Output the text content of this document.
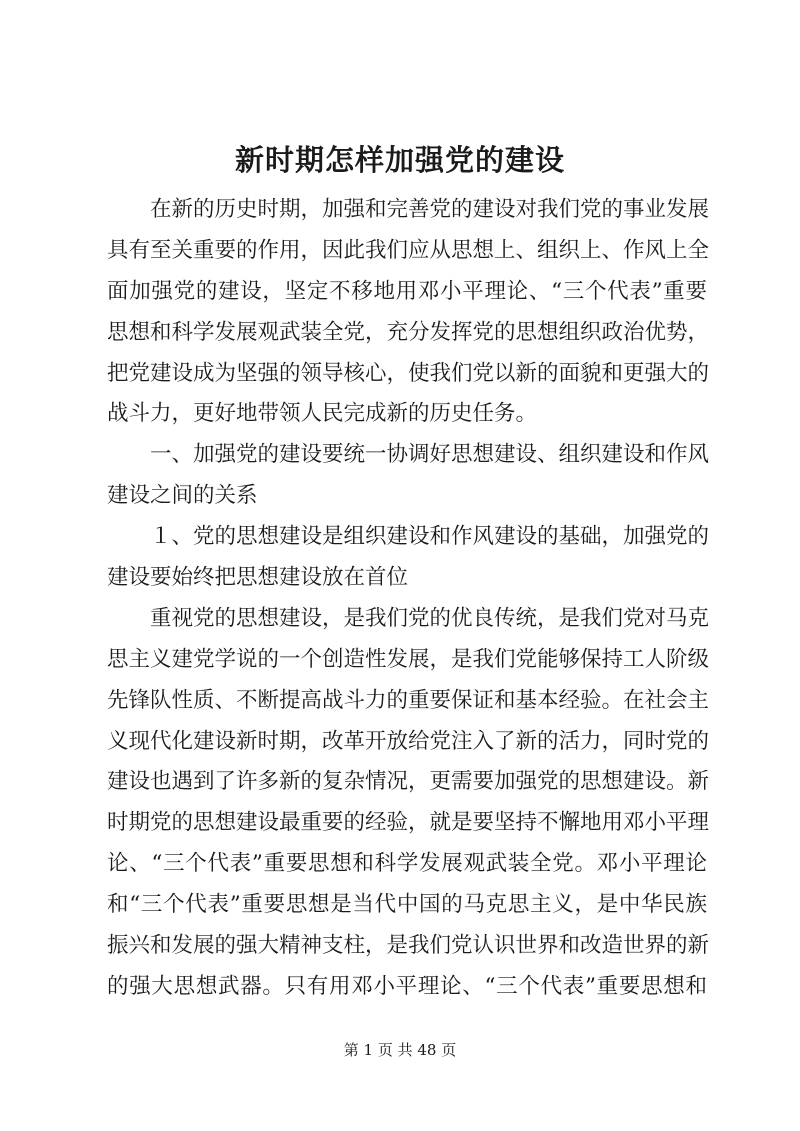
新时期怎样加强党的建设
在新的历史时期，加强和完善党的建设对我们党的事业发展
具有至关重要的作用，因此我们应从思想上、组织上、作风上全
面加强党的建设，坚定不移地用邓小平理论、“三个代表”重要
思想和科学发展观武装全党，充分发挥党的思想组织政治优势，
把党建设成为坚强的领导核心，使我们党以新的面貌和更强大的
战斗力，更好地带领人民完成新的历史任务。
一、加强党的建设要统一协调好思想建设、组织建设和作风
建设之间的关系
１、党的思想建设是组织建设和作风建设的基础，加强党的
建设要始终把思想建设放在首位
重视党的思想建设，是我们党的优良传统，是我们党对马克
思主义建党学说的一个创造性发展，是我们党能够保持工人阶级
先锋队性质、不断提高战斗力的重要保证和基本经验。在社会主
义现代化建设新时期，改革开放给党注入了新的活力，同时党的
建设也遇到了许多新的复杂情况，更需要加强党的思想建设。新
时期党的思想建设最重要的经验，就是要坚持不懈地用邓小平理
论、“三个代表”重要思想和科学发展观武装全党。邓小平理论
和“三个代表”重要思想是当代中国的马克思主义，是中华民族
振兴和发展的强大精神支柱，是我们党认识世界和改造世界的新
的强大思想武器。只有用邓小平理论、“三个代表”重要思想和
第 1 页 共 48 页
